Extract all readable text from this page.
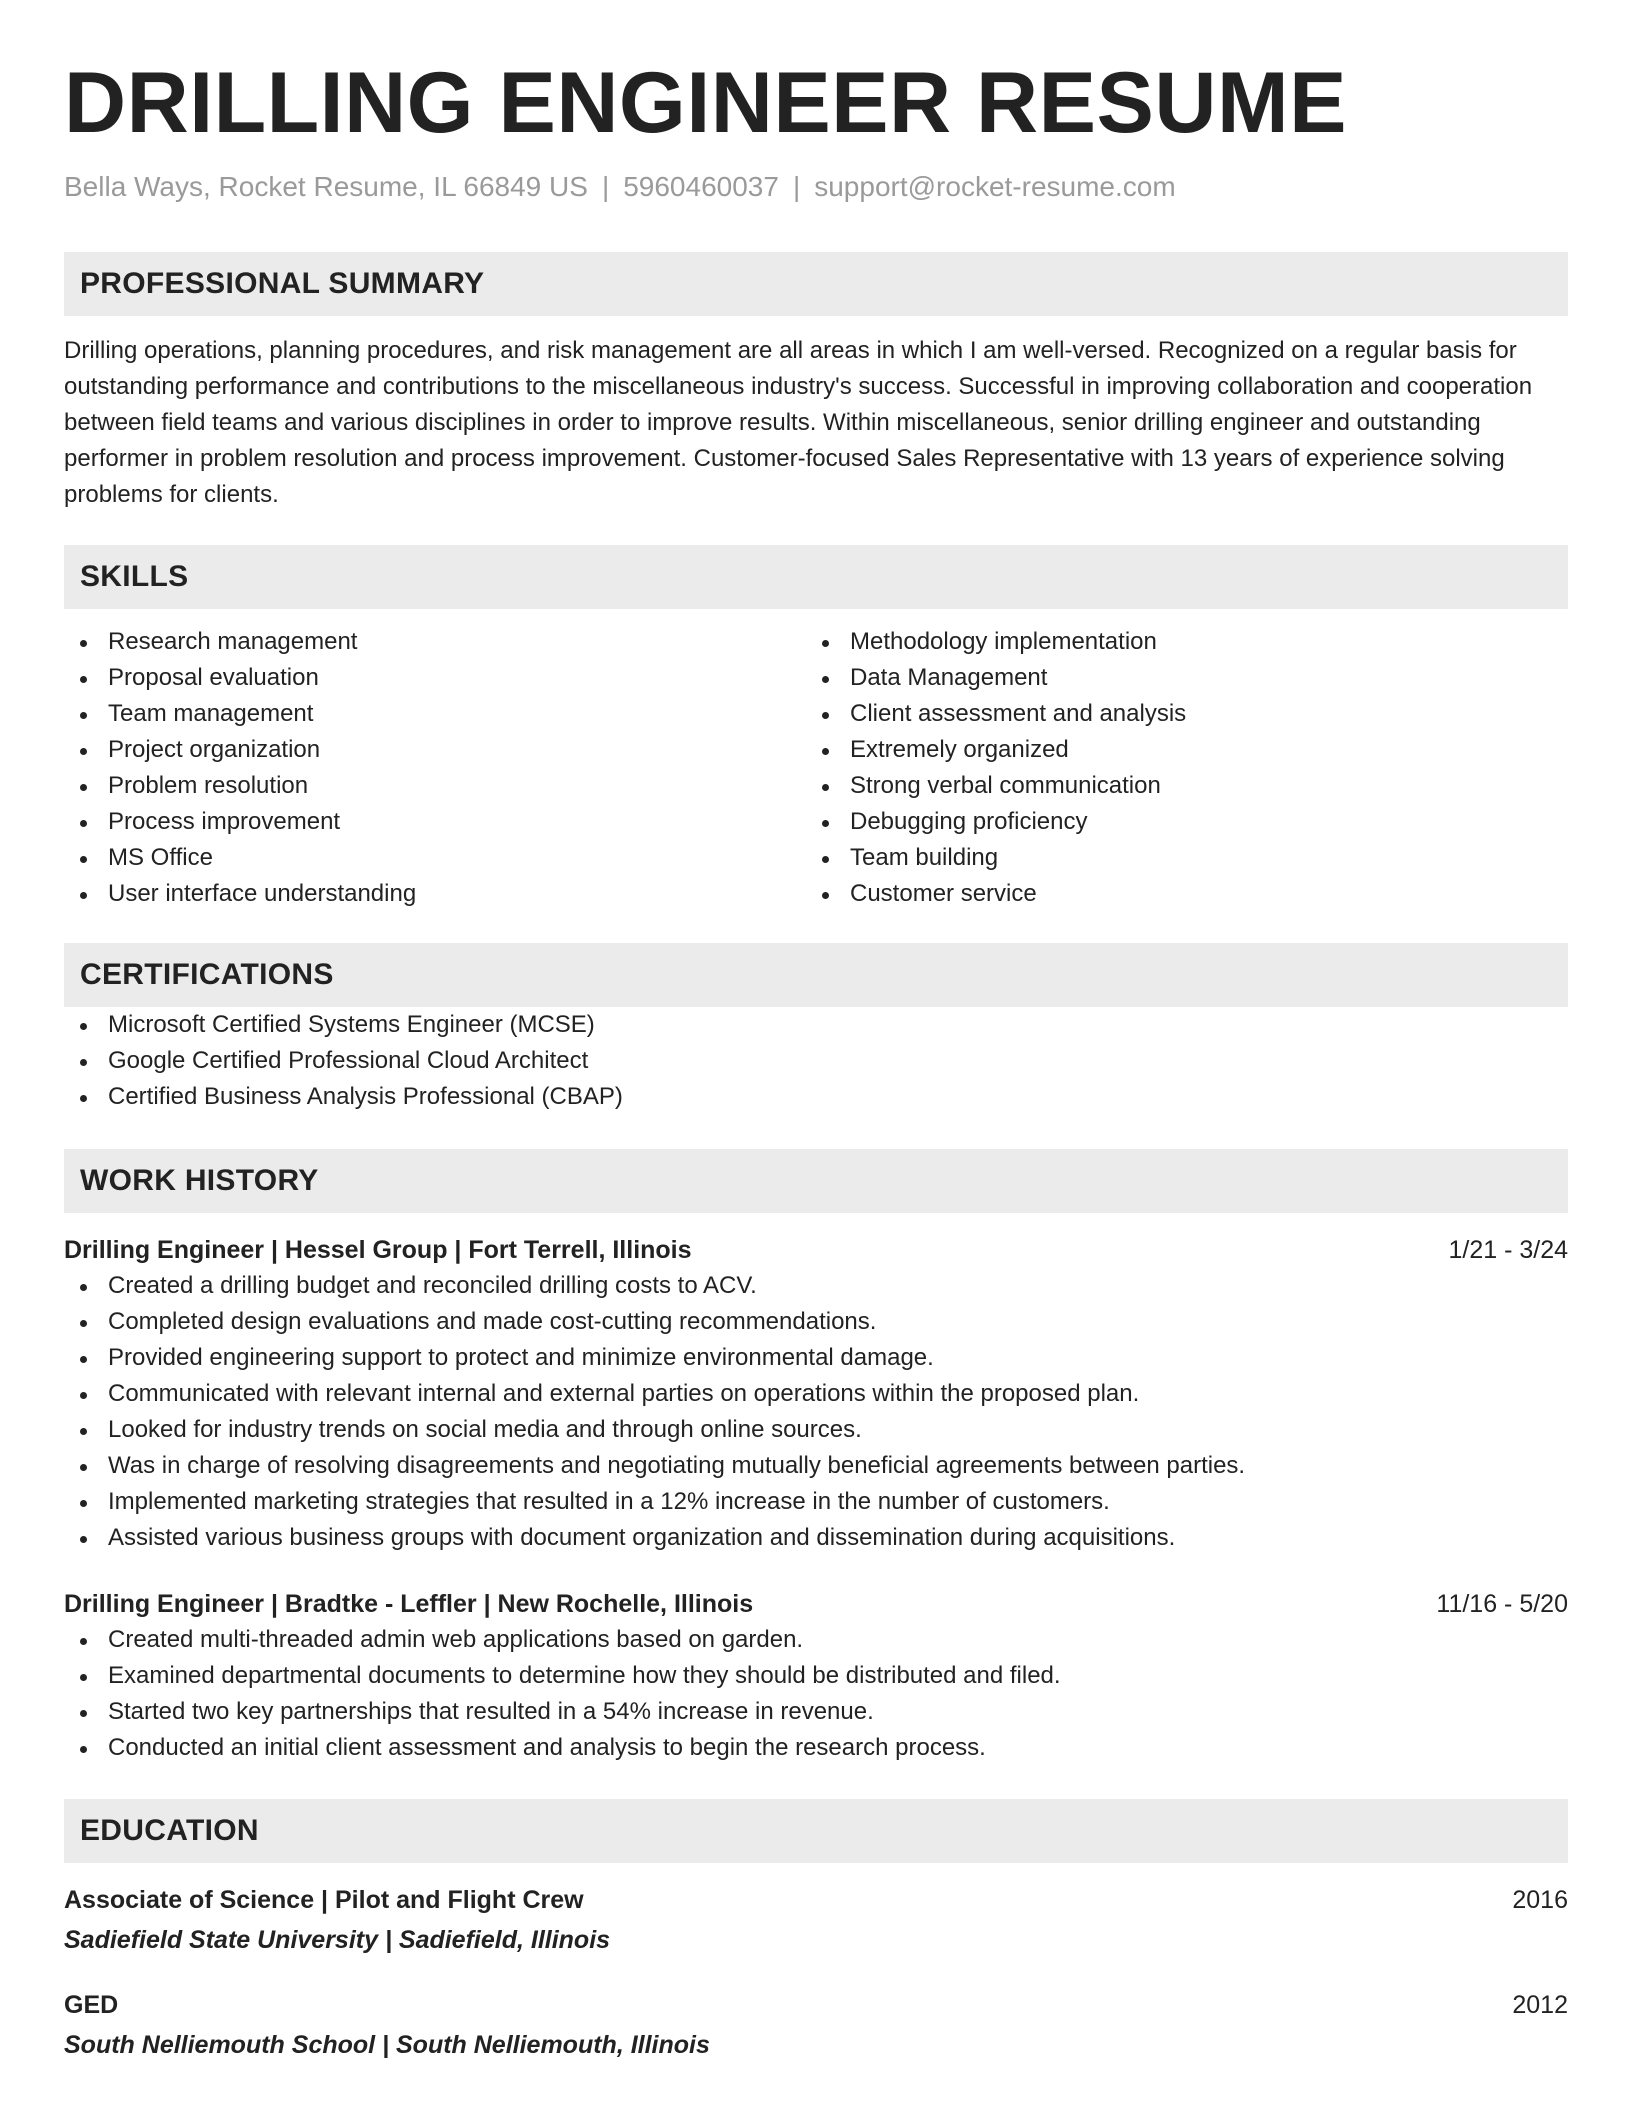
DRILLING ENGINEER RESUME
Bella Ways, Rocket Resume, IL 66849 US | 5960460037 | support@rocket-resume.com
PROFESSIONAL SUMMARY
Drilling operations, planning procedures, and risk management are all areas in which I am well-versed. Recognized on a regular basis for outstanding performance and contributions to the miscellaneous industry's success. Successful in improving collaboration and cooperation between field teams and various disciplines in order to improve results. Within miscellaneous, senior drilling engineer and outstanding performer in problem resolution and process improvement. Customer-focused Sales Representative with 13 years of experience solving problems for clients.
SKILLS
Research management
Proposal evaluation
Team management
Project organization
Problem resolution
Process improvement
MS Office
User interface understanding
Methodology implementation
Data Management
Client assessment and analysis
Extremely organized
Strong verbal communication
Debugging proficiency
Team building
Customer service
CERTIFICATIONS
Microsoft Certified Systems Engineer (MCSE)
Google Certified Professional Cloud Architect
Certified Business Analysis Professional (CBAP)
WORK HISTORY
Drilling Engineer | Hessel Group | Fort Terrell, Illinois	1/21 - 3/24
Created a drilling budget and reconciled drilling costs to ACV.
Completed design evaluations and made cost-cutting recommendations.
Provided engineering support to protect and minimize environmental damage.
Communicated with relevant internal and external parties on operations within the proposed plan.
Looked for industry trends on social media and through online sources.
Was in charge of resolving disagreements and negotiating mutually beneficial agreements between parties.
Implemented marketing strategies that resulted in a 12% increase in the number of customers.
Assisted various business groups with document organization and dissemination during acquisitions.
Drilling Engineer | Bradtke - Leffler | New Rochelle, Illinois	11/16 - 5/20
Created multi-threaded admin web applications based on garden.
Examined departmental documents to determine how they should be distributed and filed.
Started two key partnerships that resulted in a 54% increase in revenue.
Conducted an initial client assessment and analysis to begin the research process.
EDUCATION
Associate of Science | Pilot and Flight Crew	2016
Sadiefield State University | Sadiefield, Illinois
GED	2012
South Nelliemouth School | South Nelliemouth, Illinois
